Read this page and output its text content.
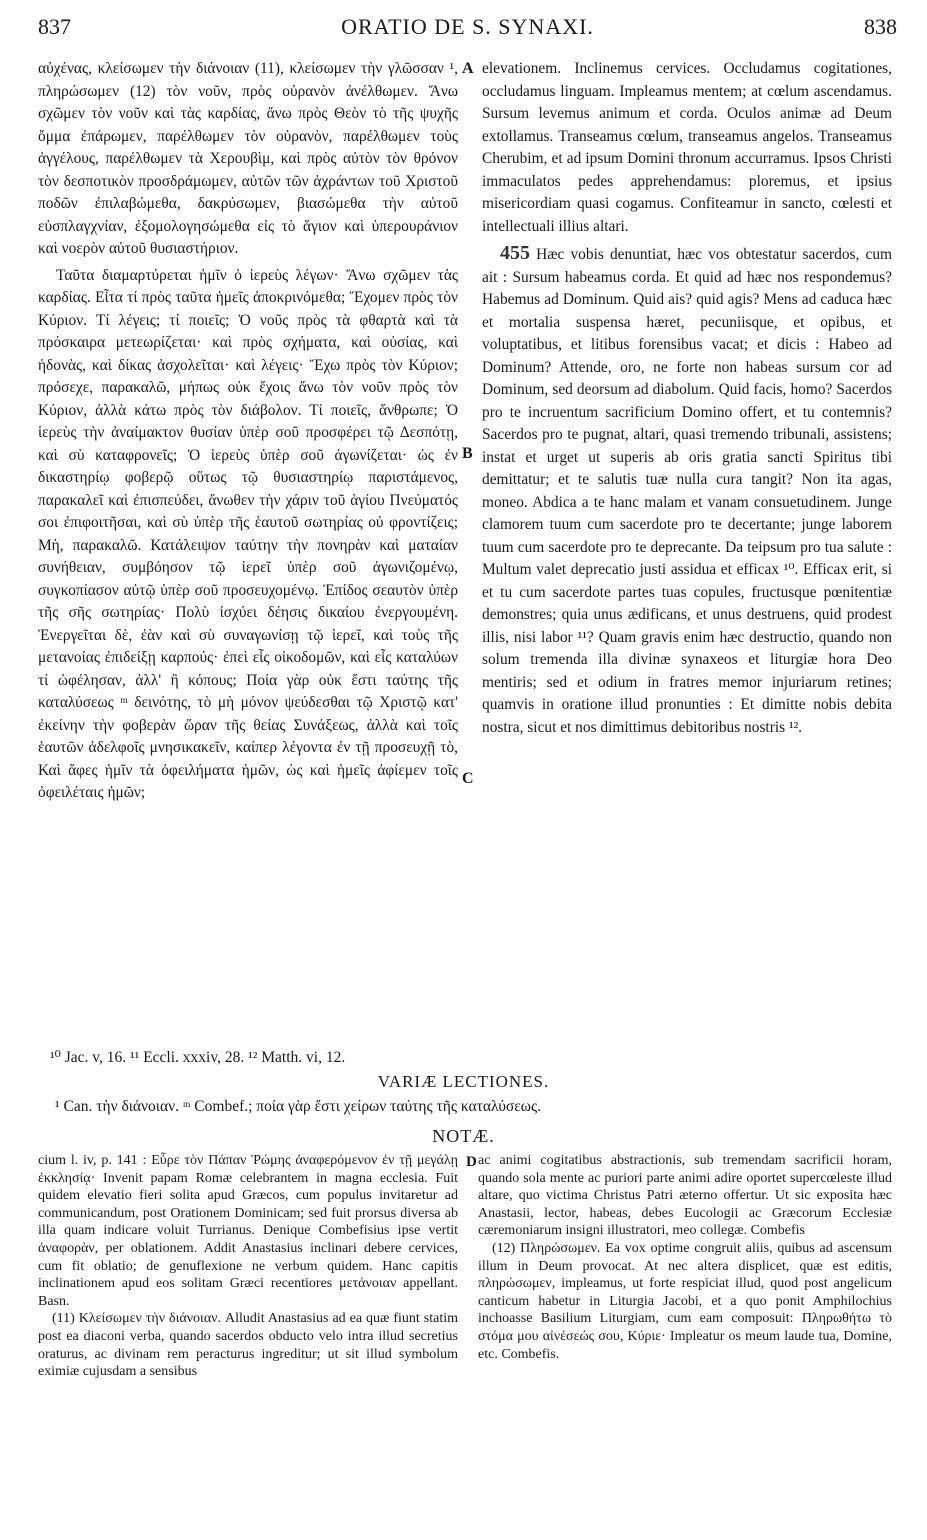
837	ORATIO DE S. SYNAXI.	838

αὐχένας, κλείσωμεν τὴν διάνοιαν (11), κλείσωμεν τὴν γλῶσσαν ¹, πληρώσωμεν (12) τὸν νοῦν, πρὸς οὐρανὸν ἀνέλθωμεν. Ἄνω σχῶμεν τὸν νοῦν καὶ τὰς καρδίας, ἄνω πρὸς Θεὸν τὸ τῆς ψυχῆς ὄμμα ἐπάρωμεν, παρέλθωμεν τὸν οὐρανὸν, παρέλθωμεν τοὺς ἀγγέλους, παρέλθωμεν τὰ Χερουβὶμ, καὶ πρὸς αὐτὸν τὸν θρόνον τὸν δεσποτικὸν προσδράμωμεν, αὐτῶν τῶν ἀχράντων τοῦ Χριστοῦ ποδῶν ἐπιλαβώμεθα, δακρύσωμεν, βιασώμεθα τὴν αὐτοῦ εὐσπλαγχνίαν, ἐξομολογησώμεθα εἰς τὸ ἅγιον καὶ ὑπερουράνιον καὶ νοερὸν αὐτοῦ θυσιαστήριον.

Ταῦτα διαμαρτύρεται ἡμῖν ὁ ἱερεὺς λέγων· Ἄνω σχῶμεν τὰς καρδίας. Εἶτα τί πρὸς ταῦτα ἡμεῖς ἀποκρινόμεθα; Ἔχομεν πρὸς τὸν Κύριον. Τί λέγεις; τί ποιεῖς; Ὁ νοῦς πρὸς τὰ φθαρτὰ καὶ τὰ πρόσκαιρα μετεωρίζεται· καὶ πρὸς σχήματα, καὶ οὐσίας, καὶ ἡδονὰς, καὶ δίκας ἀσχολεῖται· καὶ λέγεις· Ἔχω πρὸς τὸν Κύριον; πρόσεχε, παρακαλῶ, μήπως οὐκ ἔχοις ἄνω τὸν νοῦν πρὸς τὸν Κύριον, ἀλλὰ κάτω πρὸς τὸν διάβολον. Τί ποιεῖς, ἄνθρωπε; Ὁ ἱερεὺς τὴν ἀναίμακτον θυσίαν ὑπὲρ σοῦ προσφέρει τῷ Δεσπότῃ, καὶ σὺ καταφρονεῖς; Ὁ ἱερεὺς ὑπὲρ σοῦ ἀγωνίζεται· ὡς ἐν δικαστηρίῳ φοβερῷ οὕτως τῷ θυσιαστηρίῳ παριστάμενος, παρακαλεῖ καὶ ἐπισπεύδει, ἄνωθεν τὴν χάριν τοῦ ἁγίου Πνεύματός σοι ἐπιφοιτῆσαι, καὶ σὺ ὑπὲρ τῆς ἑαυτοῦ σωτηρίας οὐ φροντίζεις; Μὴ, παρακαλῶ. Κατάλειψον ταύτην τὴν πονηρὰν καὶ ματαίαν συνήθειαν, συμβόησον τῷ ἱερεῖ ὑπὲρ σοῦ ἀγωνιζομένῳ, συγκοπίασον αὐτῷ ὑπὲρ σοῦ προσευχομένῳ. Ἐπίδος σεαυτὸν ὑπὲρ τῆς σῆς σωτηρίας· Πολὺ ἰσχύει δέησις δικαίου ἐνεργουμένη. Ἐνεργεῖται δὲ, ἐὰν καὶ σὺ συναγωνίσῃ τῷ ἱερεῖ, καὶ τοὺς τῆς μετανοίας ἐπιδείξῃ καρπούς· ἐπεὶ εἷς οἰκοδομῶν, καὶ εἷς καταλύων τί ὠφέλησαν, ἀλλ' ἢ κόπους; Ποία γὰρ οὐκ ἔστι ταύτης τῆς καταλύσεως ᵐ δεινότης, τὸ μὴ μόνον ψεύδεσθαι τῷ Χριστῷ κατ' ἐκείνην τὴν φοβερὰν ὥραν τῆς θείας Συνάξεως, ἀλλὰ καὶ τοῖς ἑαυτῶν ἀδελφοῖς μνησικακεῖν, καίπερ λέγοντα ἐν τῇ προσευχῇ τὸ, Καὶ ἄφες ἡμῖν τὰ ὀφειλήματα ἡμῶν, ὡς καὶ ἡμεῖς ἀφίεμεν τοῖς ὀφειλέταις ἡμῶν;

A
B
C

elevationem. Inclinemus cervices. Occludamus cogitationes, occludamus linguam. Impleamus mentem; at cœlum ascendamus. Sursum levemus animum et corda. Oculos animæ ad Deum extollamus. Transeamus cœlum, transeamus angelos. Transeamus Cherubim, et ad ipsum Domini thronum accurramus. Ipsos Christi immaculatos pedes apprehendamus: ploremus, et ipsius misericordiam quasi cogamus. Confiteamur in sancto, cœlesti et intellectuali illius altari.

455 Hæc vobis denuntiat, hæc vos obtestatur sacerdos, cum ait : Sursum habeamus corda. Et quid ad hæc nos respondemus? Habemus ad Dominum. Quid ais? quid agis? Mens ad caduca hæc et mortalia suspensa hæret, pecuniisque, et opibus, et voluptatibus, et litibus forensibus vacat; et dicis : Habeo ad Dominum? Attende, oro, ne forte non habeas sursum cor ad Dominum, sed deorsum ad diabolum. Quid facis, homo? Sacerdos pro te incruentum sacrificium Domino offert, et tu contemnis? Sacerdos pro te pugnat, altari, quasi tremendo tribunali, assistens; instat et urget ut superis ab oris gratia sancti Spiritus tibi demittatur; et te salutis tuæ nulla cura tangit? Non ita agas, moneo. Abdica a te hanc malam et vanam consuetudinem. Junge clamorem tuum cum sacerdote pro te decertante; junge laborem tuum cum sacerdote pro te deprecante. Da teipsum pro tua salute : Multum valet deprecatio justi assidua et efficax ¹⁰. Efficax erit, si et tu cum sacerdote partes tuas copules, fructusque pœnitentiæ demonstres; quia unus ædificans, et unus destruens, quid prodest illis, nisi labor ¹¹? Quam gravis enim hæc destructio, quando non solum tremenda illa divinæ synaxeos et liturgiæ hora Deo mentiris; sed et odium in fratres memor injuriarum retines; quamvis in oratione illud pronunties : Et dimitte nobis debita nostra, sicut et nos dimittimus debitoribus nostris ¹².

¹⁰ Jac. v, 16. ¹¹ Eccli. xxxiv, 28. ¹² Matth. vi, 12.
VARIÆ LECTIONES.
¹ Can. τὴν διάνοιαν. ᵐ Combef.; ποία γὰρ ἔστι χείρων ταύτης τῆς καταλύσεως.
NOTÆ.

cium l. iv, p. 141 : Εὗρε τὸν Πάπαν Ῥώμης ἀναφερόμενον ἐν τῇ μεγάλῃ ἐκκλησίᾳ· Invenit papam Romæ celebrantem in magna ecclesia. Fuit quidem elevatio fieri solita apud Græcos, cum populus invitaretur ad communicandum, post Orationem Dominicam; sed fuit prorsus diversa ab illa quam indicare voluit Turrianus. Denique Combefisius ipse vertit ἀναφορὰν, per oblationem. Addit Anastasius inclinari debere cervices, cum fit oblatio; de genuflexione ne verbum quidem. Hanc capitis inclinationem apud eos solitam Græci recentiores μετάνοιαν appellant. Basn.

(11) Κλείσωμεν τὴν διάνοιαν. Alludit Anastasius ad ea quæ fiunt statim post ea diaconi verba, quando sacerdos obducto velo intra illud secretius oraturus, ac divinam rem peracturus ingreditur; ut sit illud symbolum eximiæ cujusdam a sensibus

D ac animi cogitatibus abstractionis, sub tremendam sacrificii horam, quando sola mente ac puriori parte animi adire oportet supercœleste illud altare, quo victima Christus Patri æterno offertur. Ut sic exposita hæc Anastasii, lector, habeas, debes Eucologii ac Græcorum Ecclesiæ cæremoniarum insigni illustratori, meo collegæ. Combefis

(12) Πληρώσωμεν. Ea vox optime congruit aliis, quibus ad ascensum illum in Deum provocat. At nec altera displicet, quæ est editis, πληρώσωμεν, impleamus, ut forte respiciat illud, quod post angelicum canticum habetur in Liturgia Jacobi, et a quo ponit Amphilochius inchoasse Basilium Liturgiam, cum eam composuit: Πληρωθήτω τὸ στόμα μου αἰνέσεώς σου, Κύριε· Impleatur os meum laude tua, Domine, etc. Combefis.
